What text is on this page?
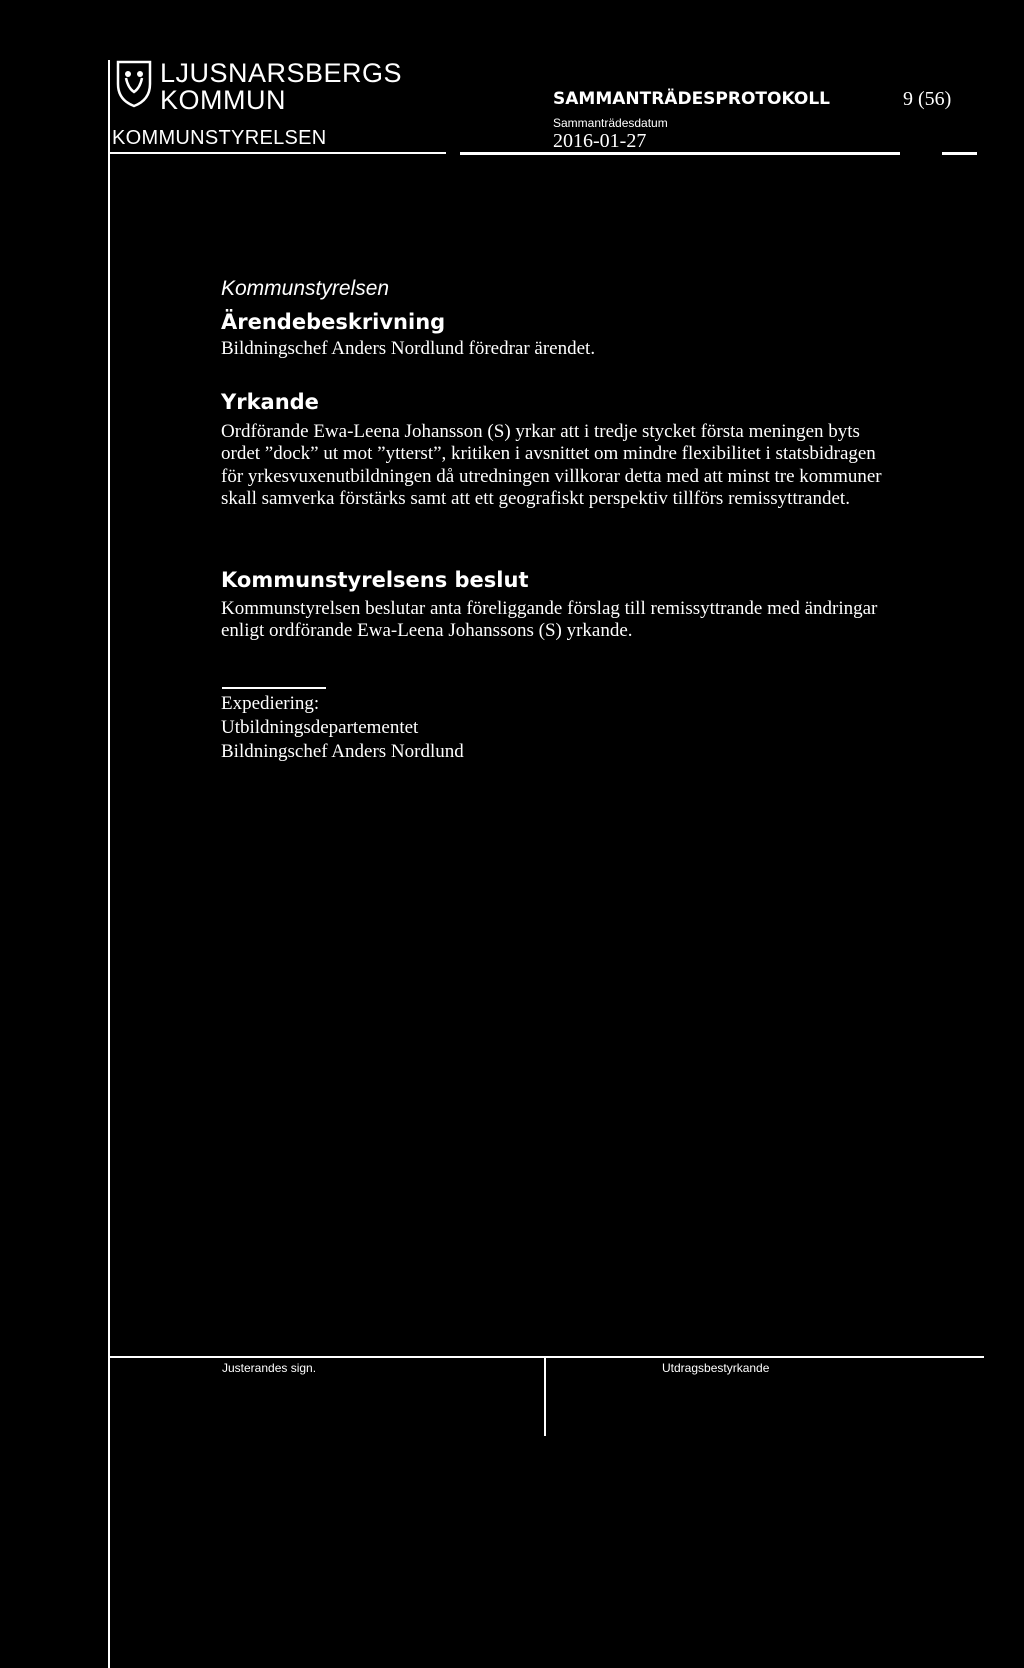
LJUSNARSBERGS
KOMMUN
KOMMUNSTYRELSEN
SAMMANTRÄDESPROTOKOLL
Sammanträdesdatum
2016-01-27
9 (56)
Kommunstyrelsen
Ärendebeskrivning
Bildningschef Anders Nordlund föredrar ärendet.
Yrkande
Ordförande Ewa-Leena Johansson (S) yrkar att i tredje stycket första meningen byts ordet ”dock” ut mot ”ytterst”, kritiken i avsnittet om mindre flexibilitet i statsbidragen för yrkesvuxenutbildningen då utredningen villkorar detta med att minst tre kommuner skall samverka förstärks samt att ett geografiskt perspektiv tillförs remissyttrandet.
Kommunstyrelsens beslut
Kommunstyrelsen beslutar anta föreliggande förslag till remissyttrande med ändringar enligt ordförande Ewa-Leena Johanssons (S) yrkande.
Expediering:
Utbildningsdepartementet
Bildningschef Anders Nordlund
Justerandes sign.	Utdragsbestyrkande
